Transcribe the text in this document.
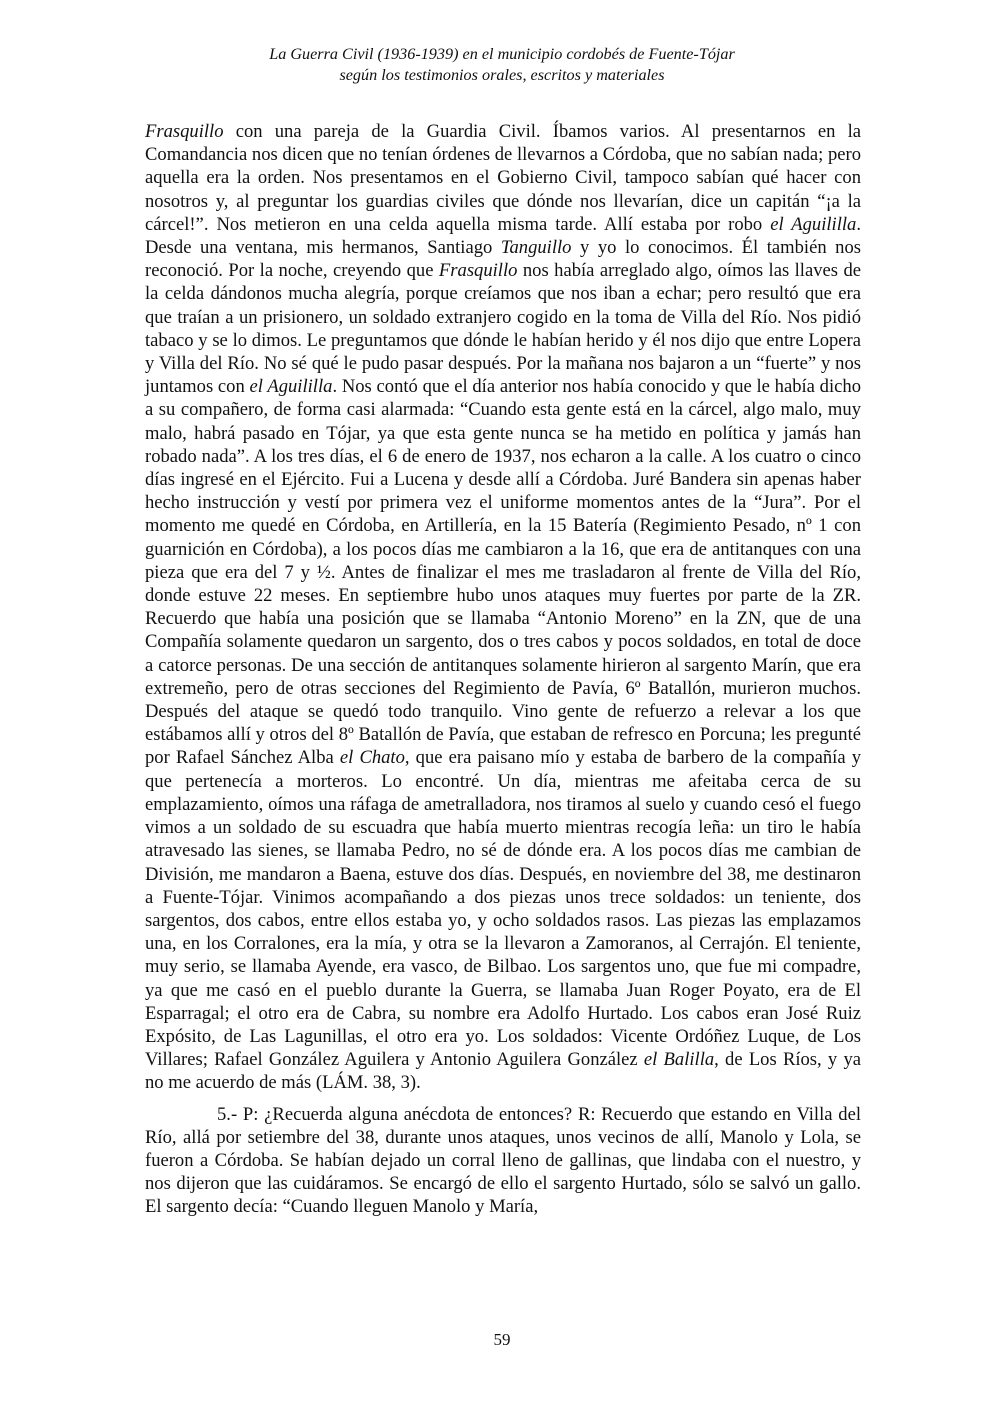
La Guerra Civil (1936-1939) en el municipio cordobés de Fuente-Tójar
según los testimonios orales, escritos y materiales

Frasquillo con una pareja de la Guardia Civil. Íbamos varios. Al presentarnos en la Comandancia nos dicen que no tenían órdenes de llevarnos a Córdoba, que no sabían nada; pero aquella era la orden. Nos presentamos en el Gobierno Civil, tampoco sabían qué hacer con nosotros y, al preguntar los guardias civiles que dónde nos llevarían, dice un capitán “¡a la cárcel!”. Nos metieron en una celda aquella misma tarde. Allí estaba por robo el Aguililla. Desde una ventana, mis hermanos, Santiago Tanguillo y yo lo conocimos. Él también nos reconoció. Por la noche, creyendo que Frasquillo nos había arreglado algo, oímos las llaves de la celda dándonos mucha alegría, porque creíamos que nos iban a echar; pero resultó que era que traían a un prisionero, un soldado extranjero cogido en la toma de Villa del Río. Nos pidió tabaco y se lo dimos. Le preguntamos que dónde le habían herido y él nos dijo que entre Lopera y Villa del Río. No sé qué le pudo pasar después. Por la mañana nos bajaron a un “fuerte” y nos juntamos con el Aguililla. Nos contó que el día anterior nos había conocido y que le había dicho a su compañero, de forma casi alarmada: “Cuando esta gente está en la cárcel, algo malo, muy malo, habrá pasado en Tójar, ya que esta gente nunca se ha metido en política y jamás han robado nada”. A los tres días, el 6 de enero de 1937, nos echaron a la calle. A los cuatro o cinco días ingresé en el Ejército. Fui a Lucena y desde allí a Córdoba. Juré Bandera sin apenas haber hecho instrucción y vestí por primera vez el uniforme momentos antes de la “Jura”. Por el momento me quedé en Córdoba, en Artillería, en la 15 Batería (Regimiento Pesado, nº 1 con guarnición en Córdoba), a los pocos días me cambiaron a la 16, que era de antitanques con una pieza que era del 7 y ½. Antes de finalizar el mes me trasladaron al frente de Villa del Río, donde estuve 22 meses. En septiembre hubo unos ataques muy fuertes por parte de la ZR. Recuerdo que había una posición que se llamaba “Antonio Moreno” en la ZN, que de una Compañía solamente quedaron un sargento, dos o tres cabos y pocos soldados, en total de doce a catorce personas. De una sección de antitanques solamente hirieron al sargento Marín, que era extremeño, pero de otras secciones del Regimiento de Pavía, 6º Batallón, murieron muchos. Después del ataque se quedó todo tranquilo. Vino gente de refuerzo a relevar a los que estábamos allí y otros del 8º Batallón de Pavía, que estaban de refresco en Porcuna; les pregunté por Rafael Sánchez Alba el Chato, que era paisano mío y estaba de barbero de la compañía y que pertenecía a morteros. Lo encontré. Un día, mientras me afeitaba cerca de su emplazamiento, oímos una ráfaga de ametralladora, nos tiramos al suelo y cuando cesó el fuego vimos a un soldado de su escuadra que había muerto mientras recogía leña: un tiro le había atravesado las sienes, se llamaba Pedro, no sé de dónde era. A los pocos días me cambian de División, me mandaron a Baena, estuve dos días. Después, en noviembre del 38, me destinaron a Fuente-Tójar. Vinimos acompañando a dos piezas unos trece soldados: un teniente, dos sargentos, dos cabos, entre ellos estaba yo, y ocho soldados rasos. Las piezas las emplazamos una, en los Corralones, era la mía, y otra se la llevaron a Zamoranos, al Cerrajón. El teniente, muy serio, se llamaba Ayende, era vasco, de Bilbao. Los sargentos uno, que fue mi compadre, ya que me casó en el pueblo durante la Guerra, se llamaba Juan Roger Poyato, era de El Esparragal; el otro era de Cabra, su nombre era Adolfo Hurtado. Los cabos eran José Ruiz Expósito, de Las Lagunillas, el otro era yo. Los soldados: Vicente Ordóñez Luque, de Los Villares; Rafael González Aguilera y Antonio Aguilera González el Balilla, de Los Ríos, y ya no me acuerdo de más (LÁM. 38, 3).

5.- P: ¿Recuerda alguna anécdota de entonces? R: Recuerdo que estando en Villa del Río, allá por setiembre del 38, durante unos ataques, unos vecinos de allí, Manolo y Lola, se fueron a Córdoba. Se habían dejado un corral lleno de gallinas, que lindaba con el nuestro, y nos dijeron que las cuidáramos. Se encargó de ello el sargento Hurtado, sólo se salvó un gallo. El sargento decía: “Cuando lleguen Manolo y María,

59
